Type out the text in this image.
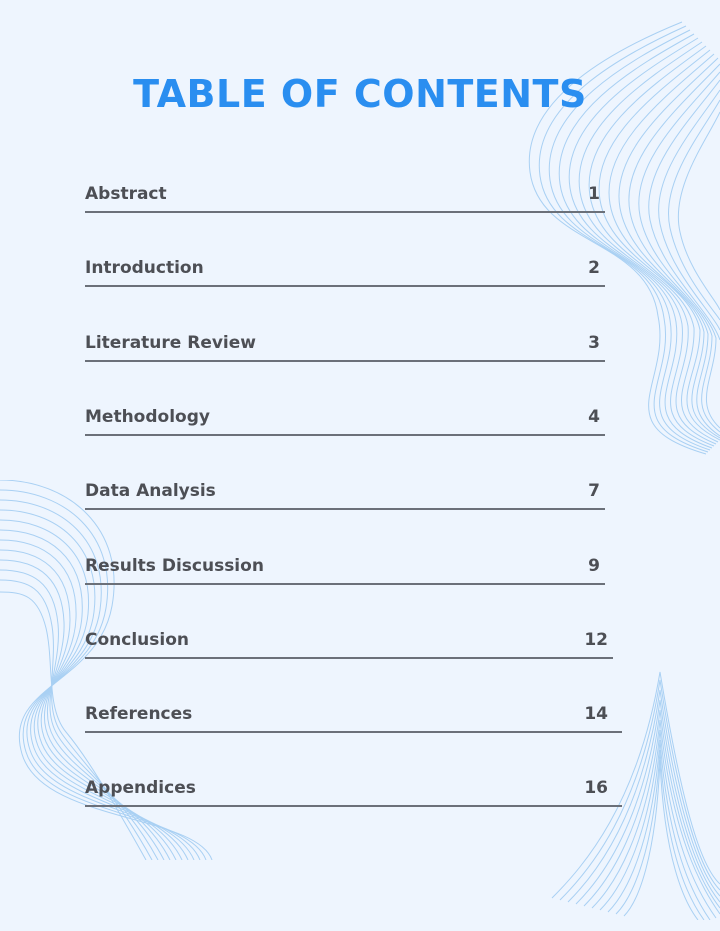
TABLE OF CONTENTS
Abstract	1
Introduction	2
Literature Review	3
Methodology	4
Data Analysis	7
Results Discussion	9
Conclusion	12
References	14
Appendices	16
